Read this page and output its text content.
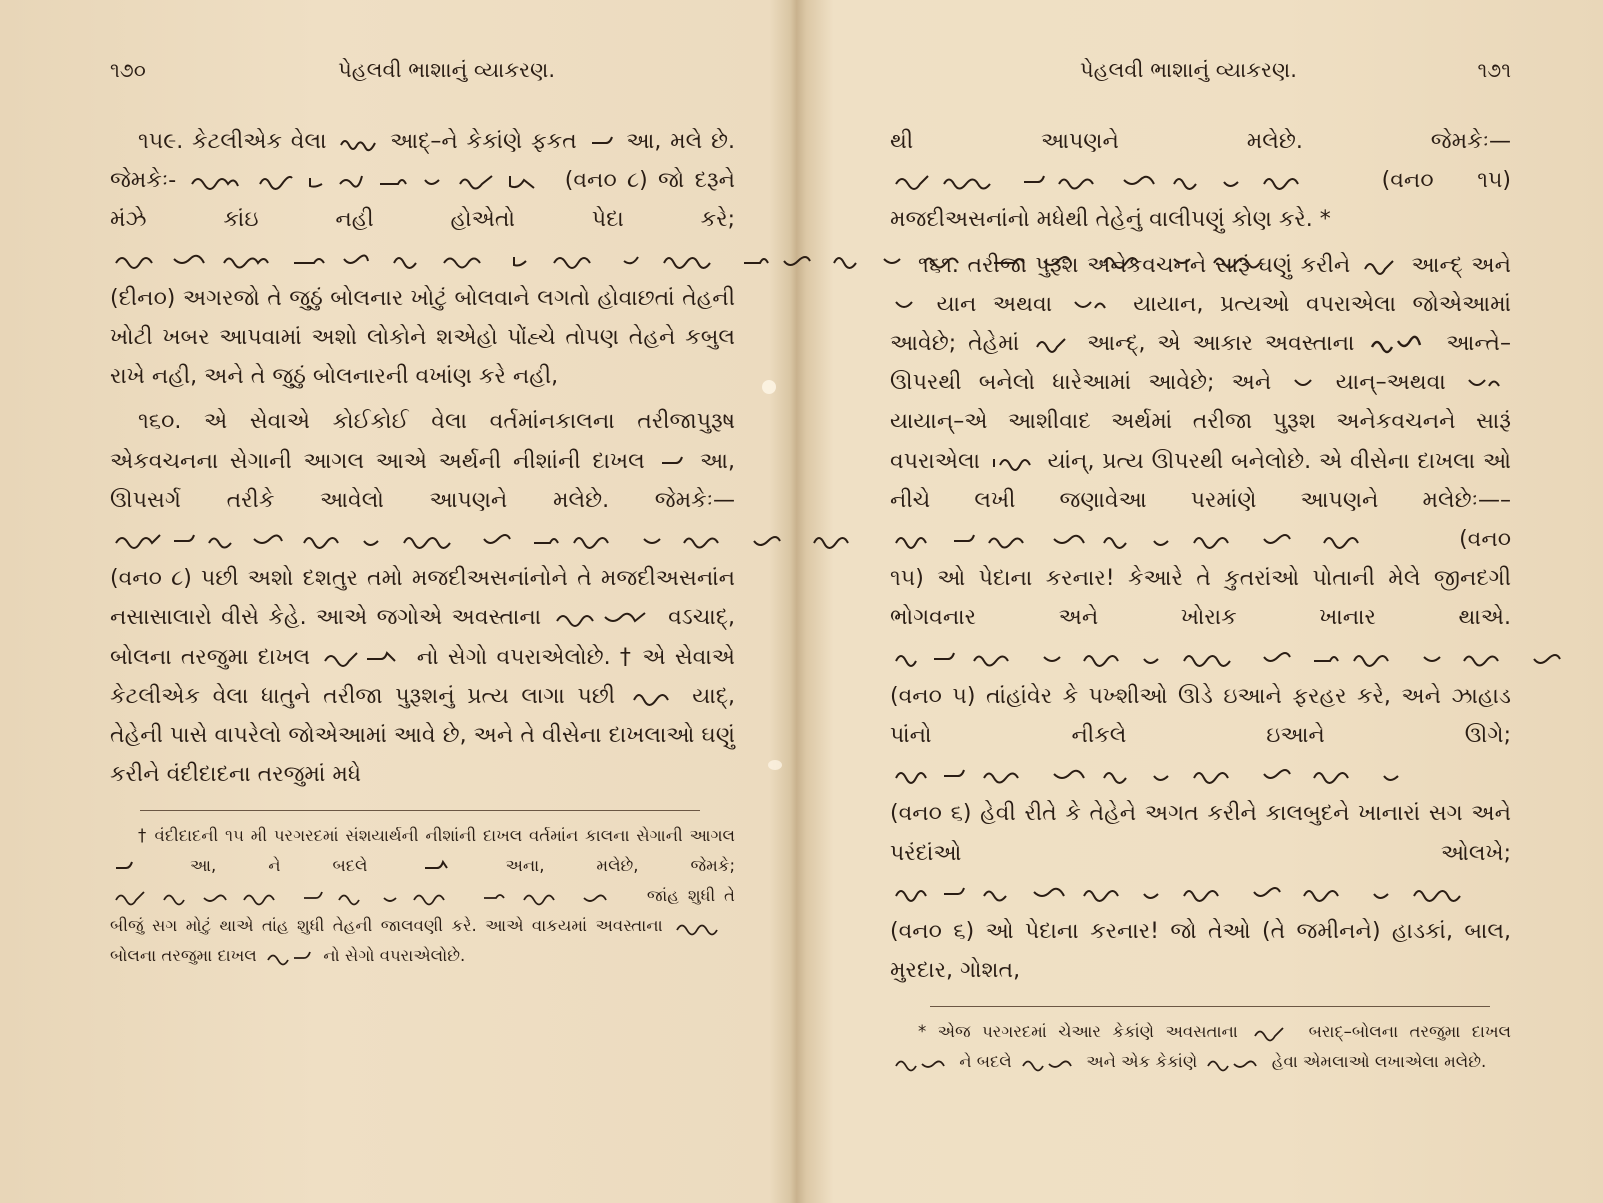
૧૭૦	પેહલવી ભાશાનું વ્યાકરણ.

૧૫૯. કેટલીએક વેલા	આદ્–ને કેકાંણે ફકત આ, મલે છે. જેમકેઃ-	(વન૦ ૮) જો દરૂને મંઝે કાંઇ નહી હોએતો પેદા કરે;
(દીન૦) અગરજો તે જુઠું બોલનાર ખોટું બોલવાને લગતો હોવાછતાં તેહની ખોટી ખબર આપવામાં અશો લોકોને શએહો પોંહ્ચે તોપણ તેહને કબુલ રાખે નહી, અને તે જુઠું બોલનારની વખાંણ કરે નહી,

૧૬૦. એ સેવાએ કોઈકોઈ વેલા વર્તમાંનકાલના તરીજાપુરૂષ એકવચનના સેગાની આગલ આએ અર્થની નીશાંની દાખલ	આ, ઊપસર્ગ તરીકે આવેલો આપણને મલેછે. જેમકેઃ—
(વન૦ ૮) પછી અશો દશતુર તમો મજદીઅસનાંનોને તે મજદીઅસનાંન નસાસાલારો વીસે કેહે. આએ જગોએ અવસ્તાના	વઽચાદ્, બોલના તરજુમા દાખલ	નો સેગો વપરાએલોછે. † એ સેવાએ કેટલીએક વેલા ધાતુને તરીજા પુરૂશનું પ્રત્ય લાગા પછી	યાદ્, તેહેની પાસે વાપરેલો જોએઆમાં આવે છે, અને તે વીસેના દાખલાઓ ઘણું કરીને વંદીદાદના તરજુમાં મધે

† વંદીદાદની ૧૫ મી પરગરદમાં સંશયાર્થની નીશાંની દાખલ વર્તમાંન કાલના સેગાની આગલ
આ, ને બદલે	અના, મલેછે, જેમકે;
જાંહ શુધી તે બીજું સગ મોટું થાએ તાંહ શુધી તેહની જાલવણી કરે. આએ વાકયમાં અવસ્તાના
બોલના તરજુમા દાખલ	નો સેગો વપરાએલોછે.

પેહલવી ભાશાનું વ્યાકરણ.	૧૭૧

થી આપણને મલેછે. જેમકેઃ—
(વન૦ ૧૫) મજદીઅસનાંનો મધેથી તેહેનું વાલીપણું કોણ કરે. *

૧૬૧. તરીજા પુરૂશ અનેકવચનને સારૂં ઘણું કરીને	આન્દ્ અને
યાન અથવા	યાયાન, પ્રત્યઓ વપરાએલા જોએઆમાં આવેછે; તેહેમાં	આન્દ્, એ આકાર અવસ્તાના	આન્તે–ઊપરથી બનેલો ધારેઆમાં આવેછે; અને	યાન્–અથવા
યાયાન્–એ આશીવાદ અર્થમાં તરીજા પુરૂશ અનેકવચનને સારૂં વપરાએલા	યાંન્, પ્રત્ય ઊપરથી બનેલોછે. એ વીસેના દાખલા ઓ નીચે લખી જણાવેઆ પરમાંણે આપણને મલેછેઃ—–
(વન૦ ૧૫) ઓ પેદાના કરનાર! કેઆરે તે કુતરાંઓ પોતાની મેલે જીનદગી ભોગવનાર અને ખોરાક ખાનાર થાએ.
(વન૦ ૫) તાંહાંવેર કે પખ્શીઓ ઊડે ઇઆને ફરહર કરે, અને ઝાહાડ પાંનો નીકલે ઇઆને ઊગે;
(વન૦ ૬) હેવી રીતે કે તેહેને અગત કરીને કાલબુદને ખાનારાં સગ અને પરંદાંઓ ઓલખે;
(વન૦ ૬) ઓ પેદાના કરનાર! જો તેઓ (તે જમીનને) હાડકાં, બાલ, મુરદાર, ગોશત,

* એજ પરગરદમાં ચેઆર કેકાંણે અવસતાના	બરાદ્–બોલના તરજુમા દાખલ
ને બદલે	અને એક કેકાંણે	હેવા એમલાઓ લખાએલા મલેછે.
